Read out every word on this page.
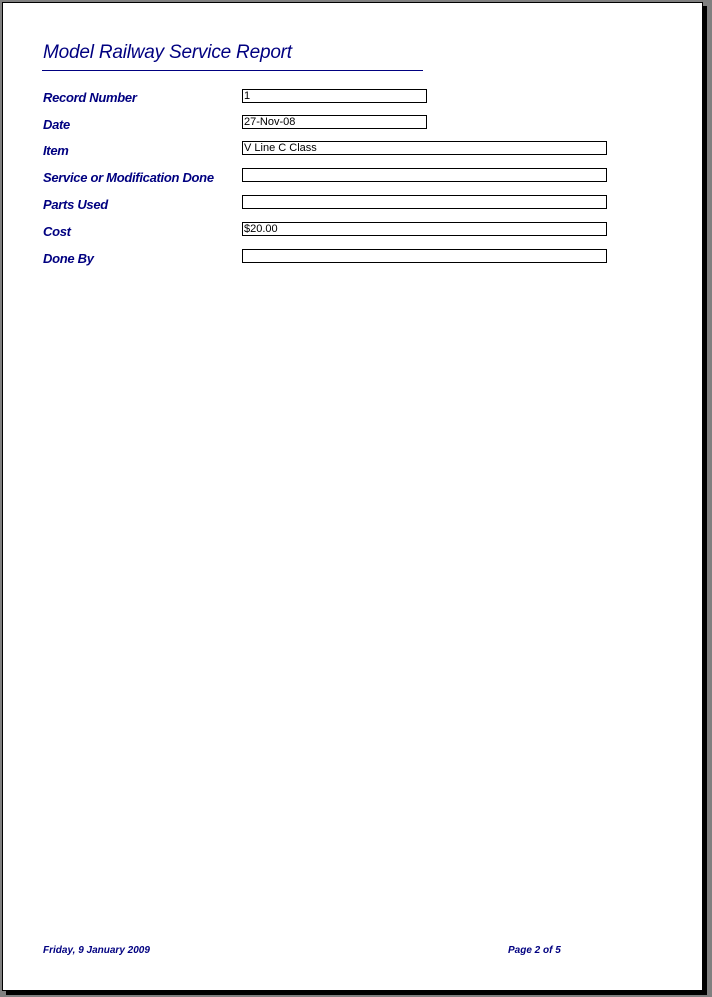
Model Railway Service Report
Record Number	1
Date	27-Nov-08
Item	V Line C Class
Service or Modification Done
Parts Used
Cost	$20.00
Done By
Friday, 9 January 2009	Page 2 of 5
